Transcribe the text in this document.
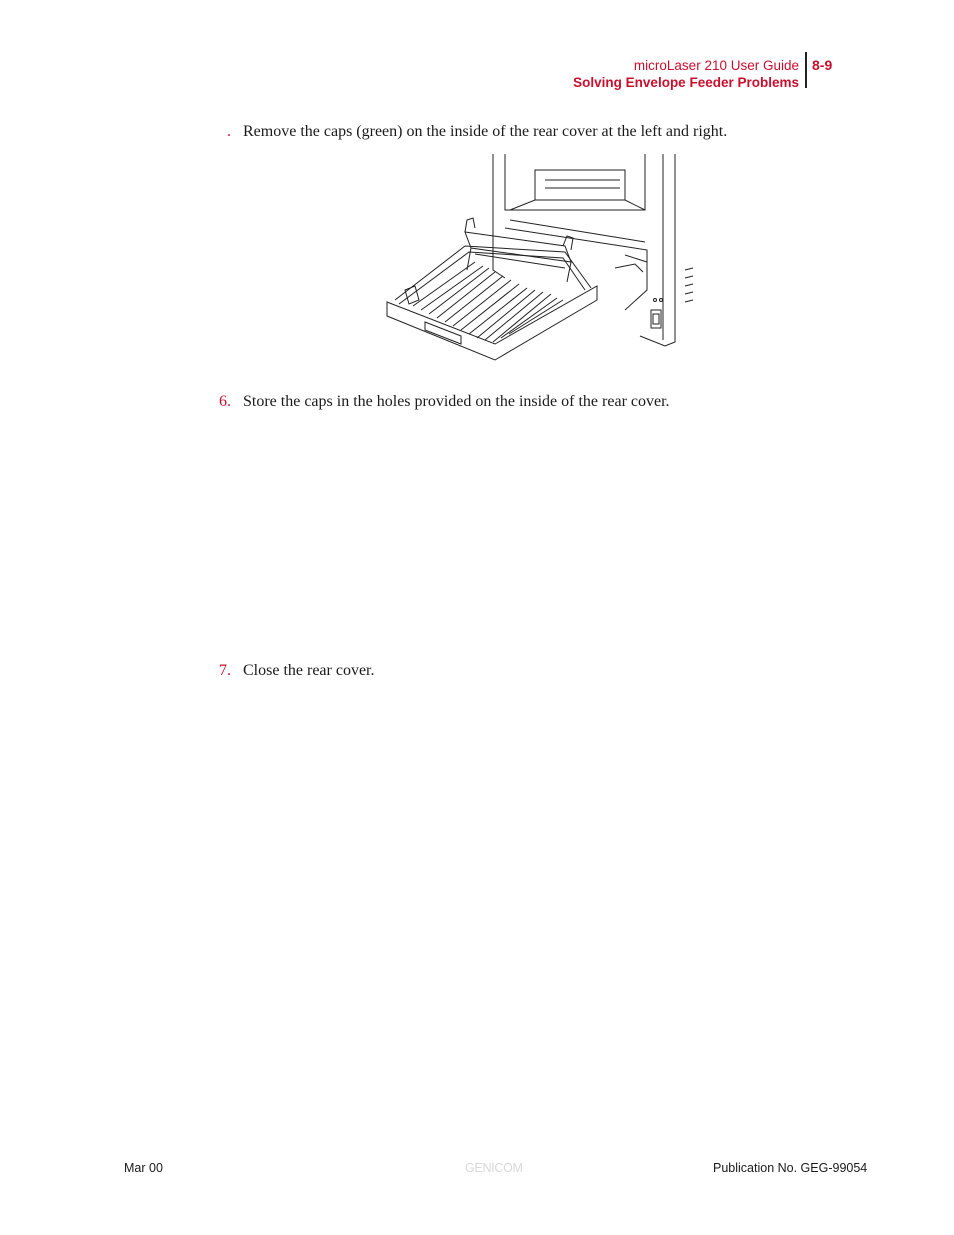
microLaser 210 User Guide
Solving Envelope Feeder Problems
8-9
. Remove the caps (green) on the inside of the rear cover at the left and right.
6. Store the caps in the holes provided on the inside of the rear cover.
7. Close the rear cover.
Mar 00	GENICOM	Publication No. GEG-99054
